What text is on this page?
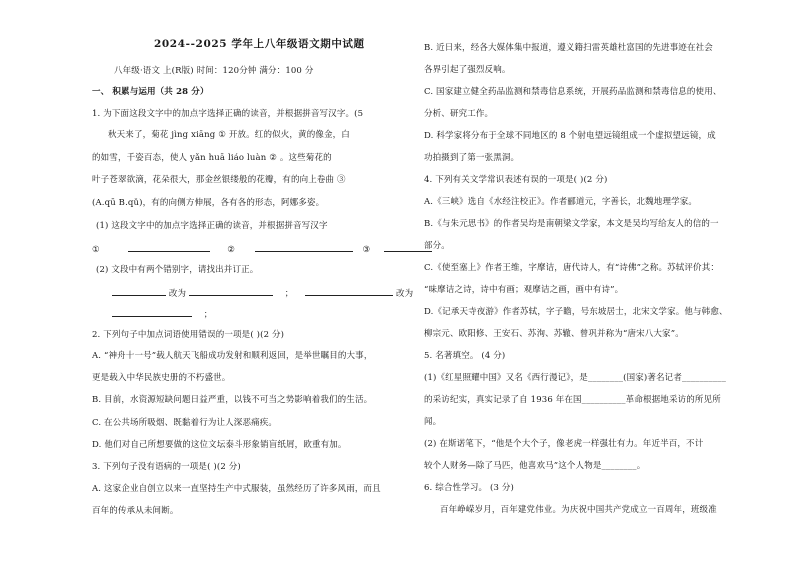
2024--2025 学年上八年级语文期中试题
八年级·语文 上(R版) 时间：120分钟 满分：100 分
一、 积累与运用（共 28 分）
1. 为下面这段文字中的加点字选择正确的读音，并根据拼音写汉字。(5
秋天来了，菊花 jìng xiāng ① 开放。红的似火，黄的像金，白
的如雪，千姿百态，使人 yǎn huā liáo luàn ② 。这些菊花的
叶子苍翠欲滴，花朵很大，那金丝银缕般的花瓣，有的向上卷曲 ③
(A.qū B.qǔ)，有的向侧方伸展，各有各的形态，阿娜多姿。
(1) 这段文字中的加点字选择正确的读音，并根据拼音写汉字
①	②	③
(2) 文段中有两个错别字，请找出并订正。
改为	；	改为
；
2. 下列句子中加点词语使用错误的一项是( )(2 分)
A. “神舟十一号”载人航天飞船成功发射和顺利返回，是举世瞩目的大事，
更是载入中华民族史册的不朽盛世。
B. 目前，水资源短缺问题日益严重，以钱不可当之势影响着我们的生活。
C. 在公共场所吸烟、既黏着行为让人深恶痛疾。
D. 他们对自己所想要做的这位文坛泰斗形象销盲纸屑，欧重有加。
3. 下列句子没有语病的一项是( )(2 分)
A. 这家企业自创立以来一直坚持生产中式服装，虽然经历了许多风雨，而且
百年的传承从未间断。
B. 近日来，经各大媒体集中报道，遵义籍扫雷英雄杜富国的先进事迹在社会
各界引起了强烈反响。
C. 国家建立健全药品监测和禁毒信息系统，开展药品监测和禁毒信息的使用、
分析、研究工作。
D. 科学家将分布于全球不同地区的 8 个射电望远镜组成一个虚拟望远镜，成
功拍摄到了第一张黑洞。
4. 下列有关文学常识表述有误的一项是( )(2 分)
A.《三峡》选自《水经注校正》。作者郦道元，字善长，北魏地理学家。
B.《与朱元思书》的作者吴均是南朝梁文学家，本文是吴均写给友人的信的一
部分。
C.《使至塞上》作者王维，字摩诘，唐代诗人，有“诗佛”之称。苏轼评价其：
“味摩诘之诗，诗中有画；观摩诘之画，画中有诗”。
D.《记承天寺夜游》作者苏轼，字子瞻，号东坡居士，北宋文学家。他与韩愈、
柳宗元、欧阳修、王安石、苏洵、苏辙、曾巩并称为“唐宋八大家”。
5. 名著填空。 (4 分)
(1)《红星照耀中国》又名《西行漫记》，是________(国家)著名记者__________
的采访纪实，真实记录了自 1936 年在国__________革命根据地采访的所见所
闻。
(2) 在斯诺笔下，“他是个大个子，像老虎一样强壮有力。年近半百，不计
较个人财务—除了马匹，他喜欢马”这个人物是________。
6. 综合性学习。 (3 分)
百年峥嵘岁月，百年建党伟业。为庆祝中国共产党成立一百周年，班级准
